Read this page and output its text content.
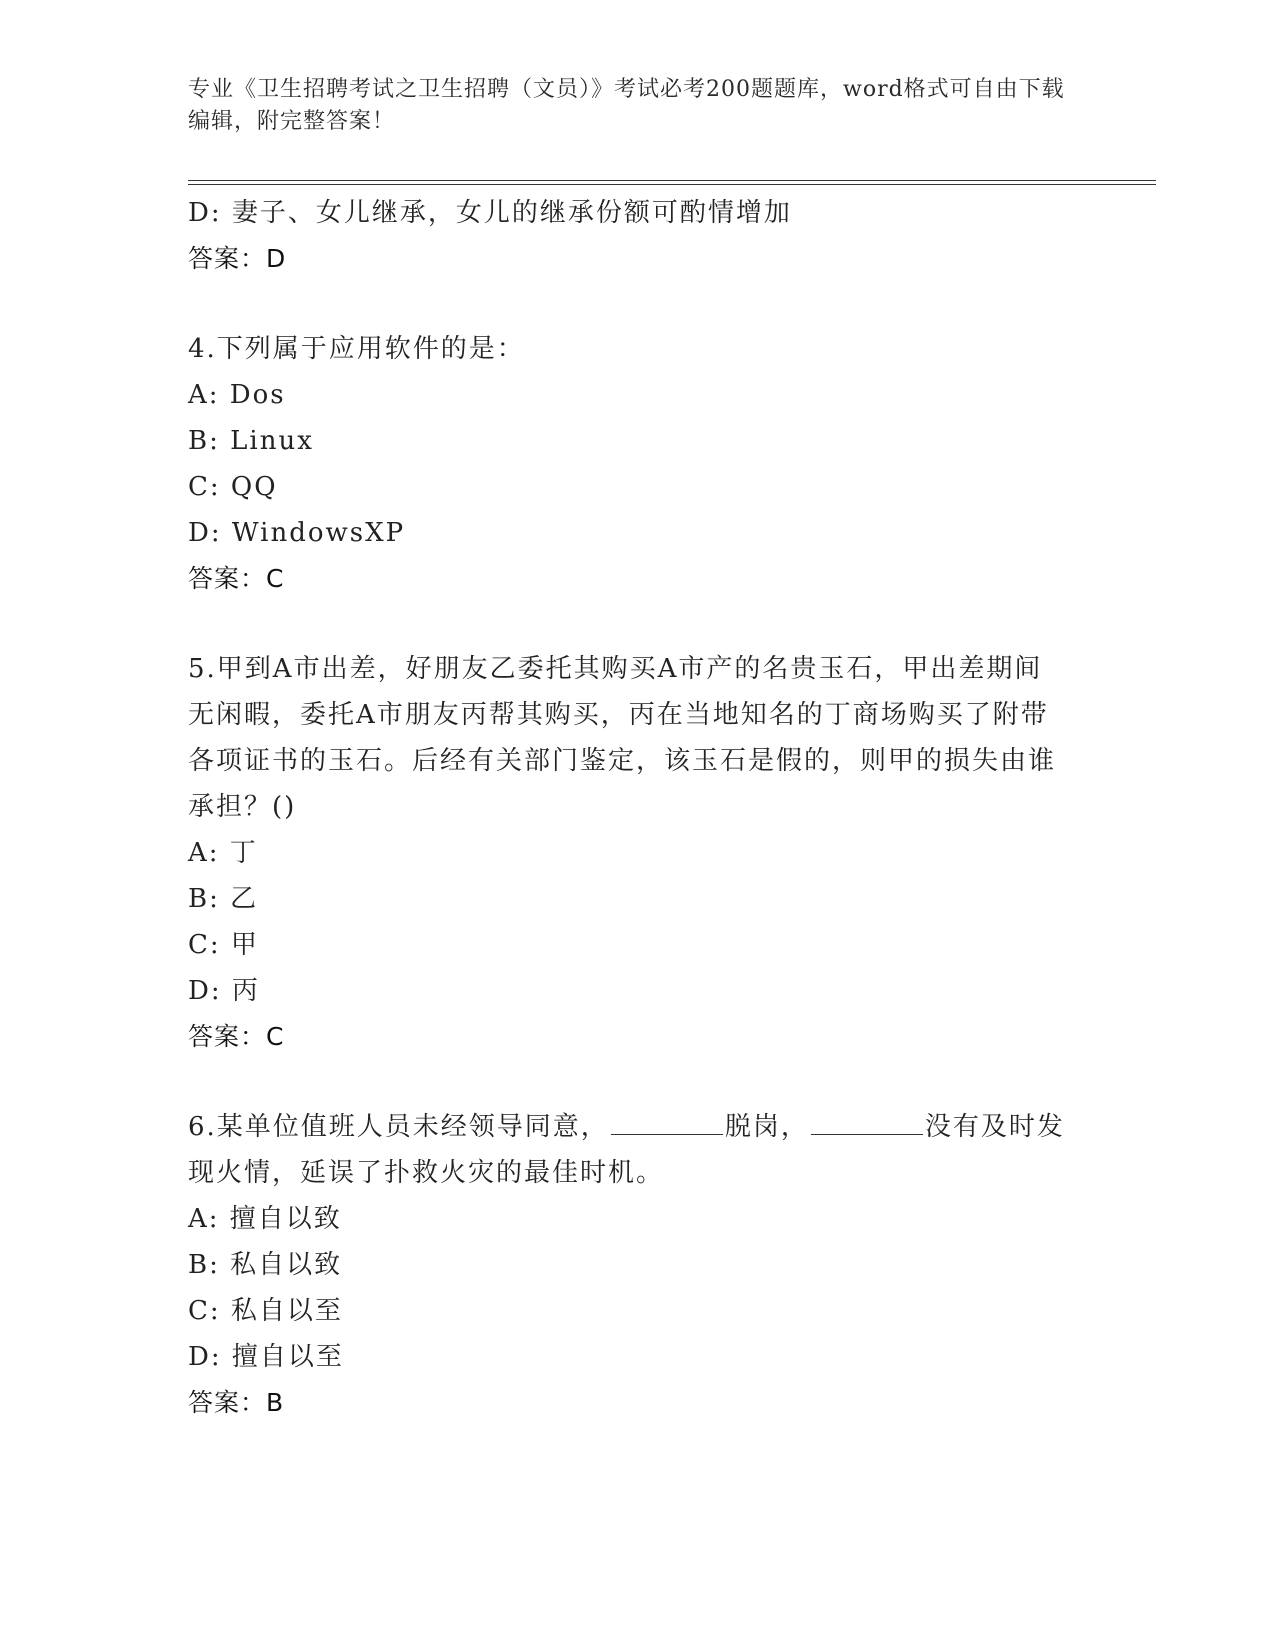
专业《卫生招聘考试之卫生招聘（文员）》考试必考200题题库，word格式可自由下载编辑，附完整答案！
D: 妻子、女儿继承，女儿的继承份额可酌情增加
答案：D
4.下列属于应用软件的是：
A: Dos
B: Linux
C: QQ
D: WindowsXP
答案：C
5.甲到A市出差，好朋友乙委托其购买A市产的名贵玉石，甲出差期间无闲暇，委托A市朋友丙帮其购买，丙在当地知名的丁商场购买了附带各项证书的玉石。后经有关部门鉴定，该玉石是假的，则甲的损失由谁承担？()
A: 丁
B: 乙
C: 甲
D: 丙
答案：C
6.某单位值班人员未经领导同意，	脱岗，	没有及时发现火情，延误了扑救火灾的最佳时机。
A: 擅自以致
B: 私自以致
C: 私自以至
D: 擅自以至
答案：B
